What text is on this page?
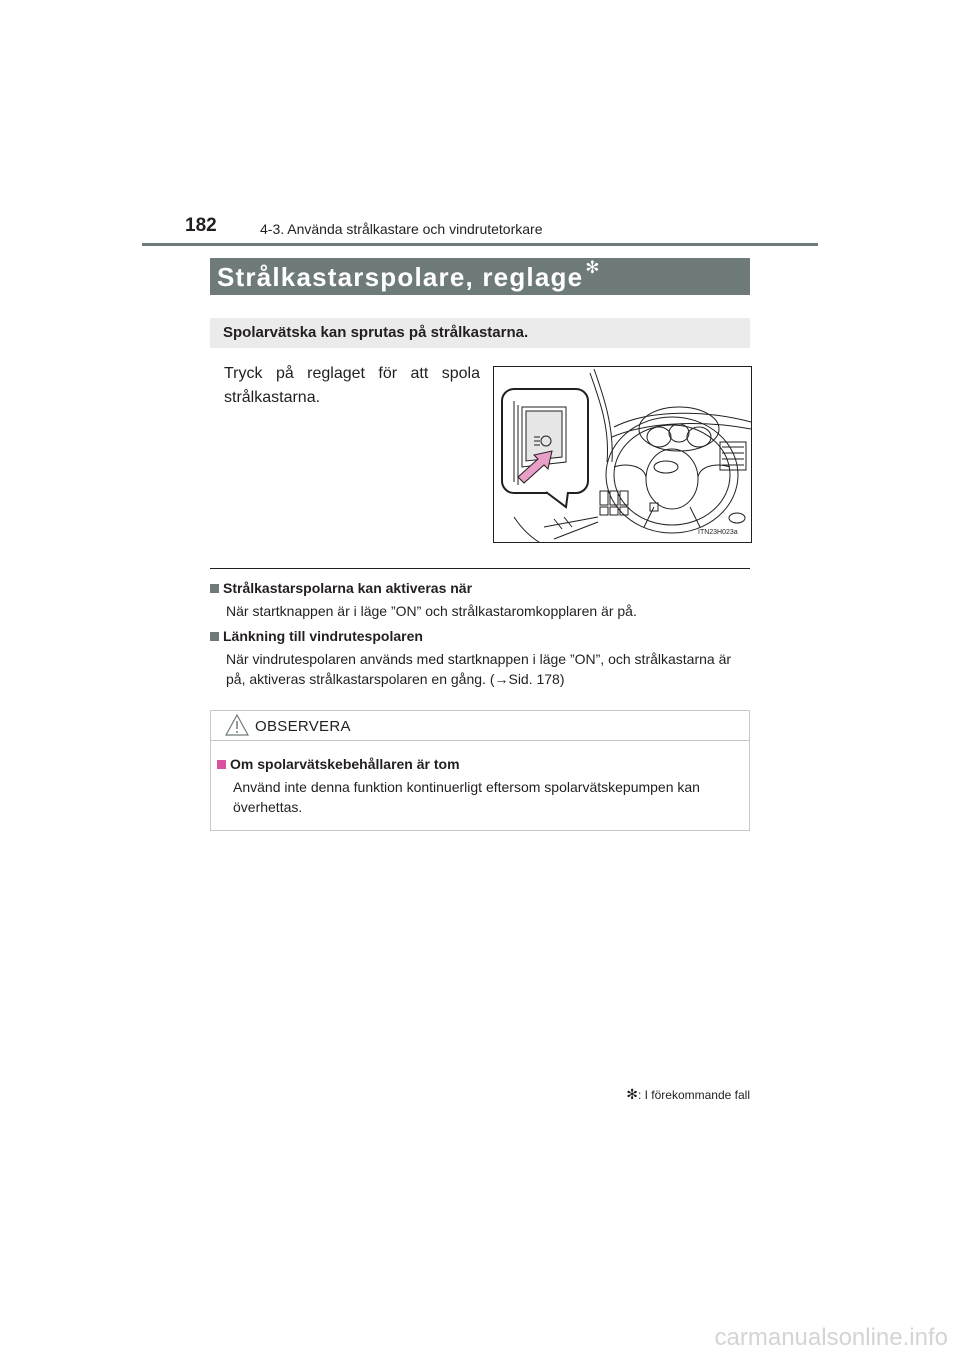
182	4-3. Använda strålkastare och vindrutetorkare
Strålkastarspolare, reglage ✻
Spolarvätska kan sprutas på strålkastarna.
Tryck på reglaget för att spola strålkastarna.
ITN23H023a
Strålkastarspolarna kan aktiveras när
När startknappen är i läge ”ON” och strålkastaromkopplaren är på.
Länkning till vindrutespolaren
När vindrutespolaren används med startknappen i läge ”ON”, och strålkastarna är på, aktiveras strålkastarspolaren en gång. (→Sid. 178)
OBSERVERA
Om spolarvätskebehållaren är tom
Använd inte denna funktion kontinuerligt eftersom spolarvätskepumpen kan överhettas.
✻: I förekommande fall
carmanualsonline.info
